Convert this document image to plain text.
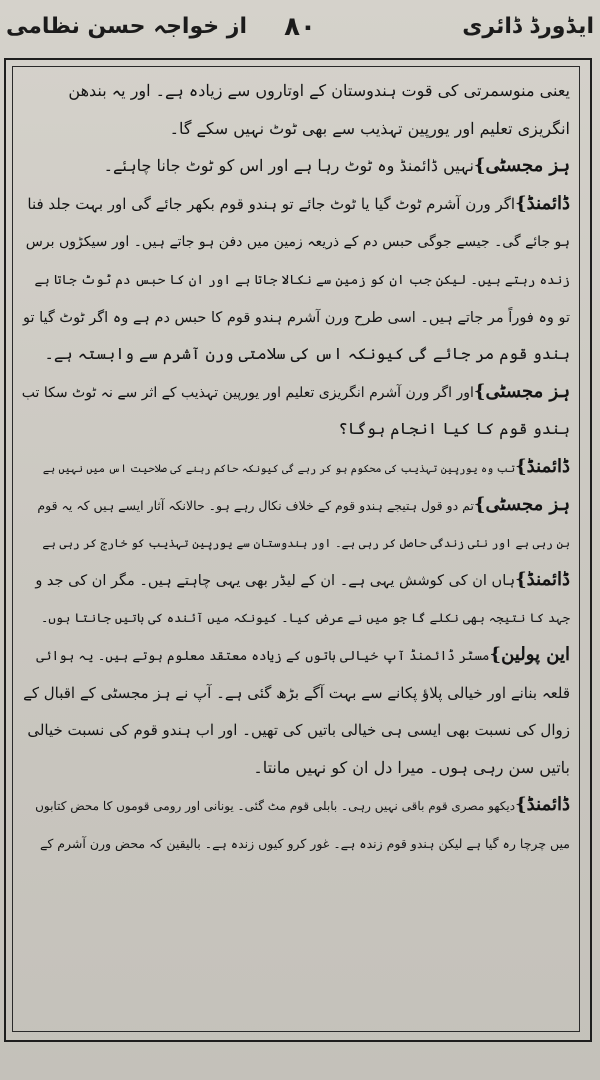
ایڈورڈ ڈائری
۸۰
از خواجہ حسن نظامی
یعنی منوسمرتی کی قوت ہندوستان کے اوتاروں سے زیادہ ہے۔ اور یہ بندھن
انگریزی تعلیم اور یورپین تہذیب سے بھی ٹوٹ نہیں سکے گا۔
ہز مجسٹی}نہیں ڈائمنڈ وہ ٹوٹ رہا ہے اور اس کو ٹوٹ جانا چاہئے۔
ڈائمنڈ}اگر ورن آشرم ٹوٹ گیا یا ٹوٹ جائے تو ہندو قوم بکھر جائے گی اور بہت جلد فنا
ہو جائے گی۔ جیسے جوگی حبس دم کے ذریعہ زمین میں دفن ہو جاتے ہیں۔ اور سیکڑوں برس
زندہ رہتے ہیں۔ لیکن جب ان کو زمین سے نکالا جاتا ہے اور ان کا حبس دم ٹوٹ جاتا ہے
تو وہ فوراً مر جاتے ہیں۔ اسی طرح ورن آشرم ہندو قوم کا حبس دم ہے وہ اگر ٹوٹ گیا تو
ہندو قوم مر جائے گی کیونکہ اس کی سلامتی ورن آشرم سے وابستہ ہے۔
ہز مجسٹی}اور اگر ورن آشرم انگریزی تعلیم اور یورپین تہذیب کے اثر سے نہ ٹوٹ سکا تب
ہندو قوم کا کیا انجام ہوگا؟
ڈائمنڈ}تب وہ یورپین تہذیب کی محکوم ہو کر رہے گی کیونکہ حاکم رہنے کی صلاحیت اس میں نہیں ہے
ہز مجسٹی}تم دو قول ہتیجے ہندو قوم کے خلاف نکال رہے ہو۔ حالانکہ آثار ایسے ہیں کہ یہ قوم
بن رہی ہے اور نئی زندگی حاصل کر رہی ہے۔ اور ہندوستان سے یورپین تہذیب کو خارج کر رہی ہے
ڈائمنڈ}ہاں ان کی کوشش یہی ہے۔ ان کے لیڈر بھی یہی چاہتے ہیں۔ مگر ان کی جد و
جہد کا نتیجہ بھی نکلے گا جو میں نے عرض کیا۔ کیونکہ میں آئندہ کی باتیں جانتا ہوں۔
این پولین}مسٹر ڈائمنڈ آپ خیالی باتوں کے زیادہ معتقد معلوم ہوتے ہیں۔ یہ ہوائی
قلعہ بنانے اور خیالی پلاؤ پکانے سے بہت آگے بڑھ گئی ہے۔ آپ نے ہز مجسٹی کے اقبال کے
زوال کی نسبت بھی ایسی ہی خیالی باتیں کی تھیں۔ اور اب ہندو قوم کی نسبت خیالی
باتیں سن رہی ہوں۔ میرا دل ان کو نہیں مانتا۔
ڈائمنڈ}دیکھو مصری قوم باقی نہیں رہی۔ بابلی قوم مٹ گئی۔ یونانی اور رومی قوموں کا محض کتابوں
میں چرچا رہ گیا ہے لیکن ہندو قوم زندہ ہے۔ غور کرو کیوں زندہ ہے۔ بالیقین کہ محض ورن آشرم کے
